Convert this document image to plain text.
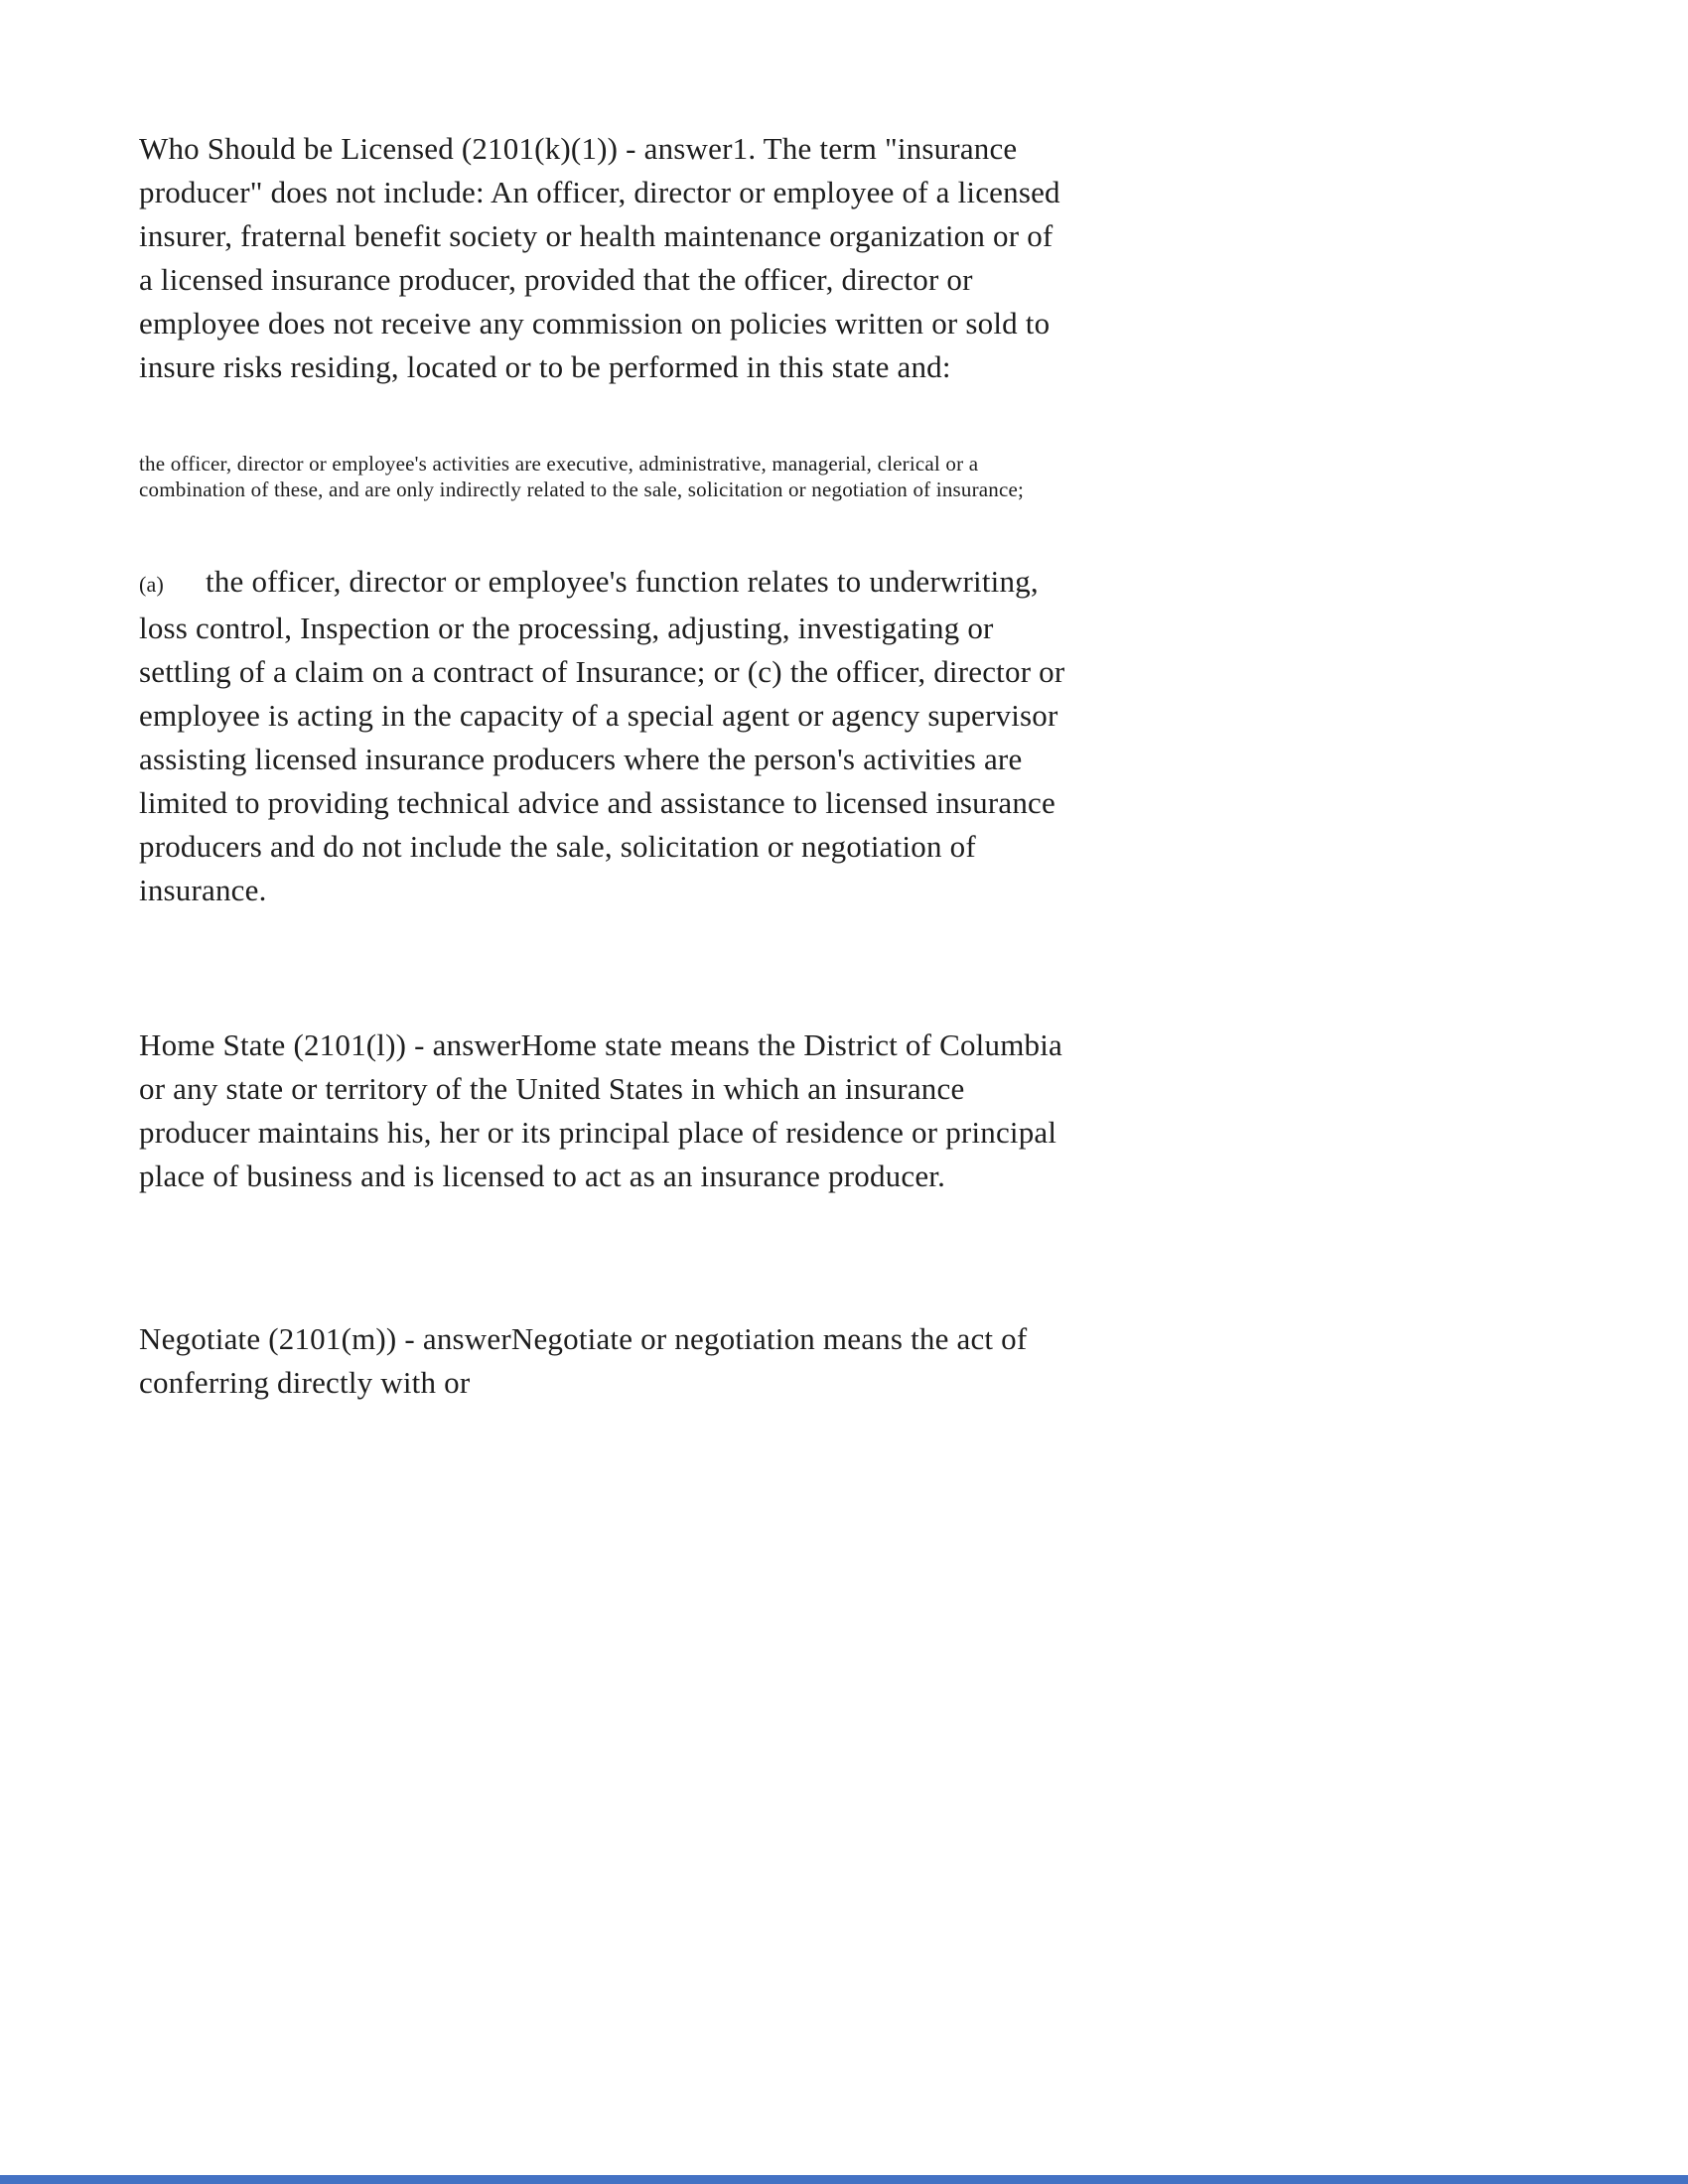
Who Should be Licensed (2101(k)(1)) - answer1. The term "insurance producer" does not include: An officer, director or employee of a licensed insurer, fraternal benefit society or health maintenance organization or of a licensed insurance producer, provided that the officer, director or employee does not receive any commission on policies written or sold to insure risks residing, located or to be performed in this state and:

the officer, director or employee's activities are executive, administrative, managerial, clerical or a combination of these, and are only indirectly related to the sale, solicitation or negotiation of insurance;

(a) the officer, director or employee's function relates to underwriting, loss control, Inspection or the processing, adjusting, investigating or settling of a claim on a contract of Insurance; or (c) the officer, director or employee is acting in the capacity of a special agent or agency supervisor assisting licensed insurance producers where the person's activities are limited to providing technical advice and assistance to licensed insurance producers and do not include the sale, solicitation or negotiation of insurance.

Home State (2101(l)) - answerHome state means the District of Columbia or any state or territory of the United States in which an insurance producer maintains his, her or its principal place of residence or principal place of business and is licensed to act as an insurance producer.

Negotiate (2101(m)) - answerNegotiate or negotiation means the act of conferring directly with or
